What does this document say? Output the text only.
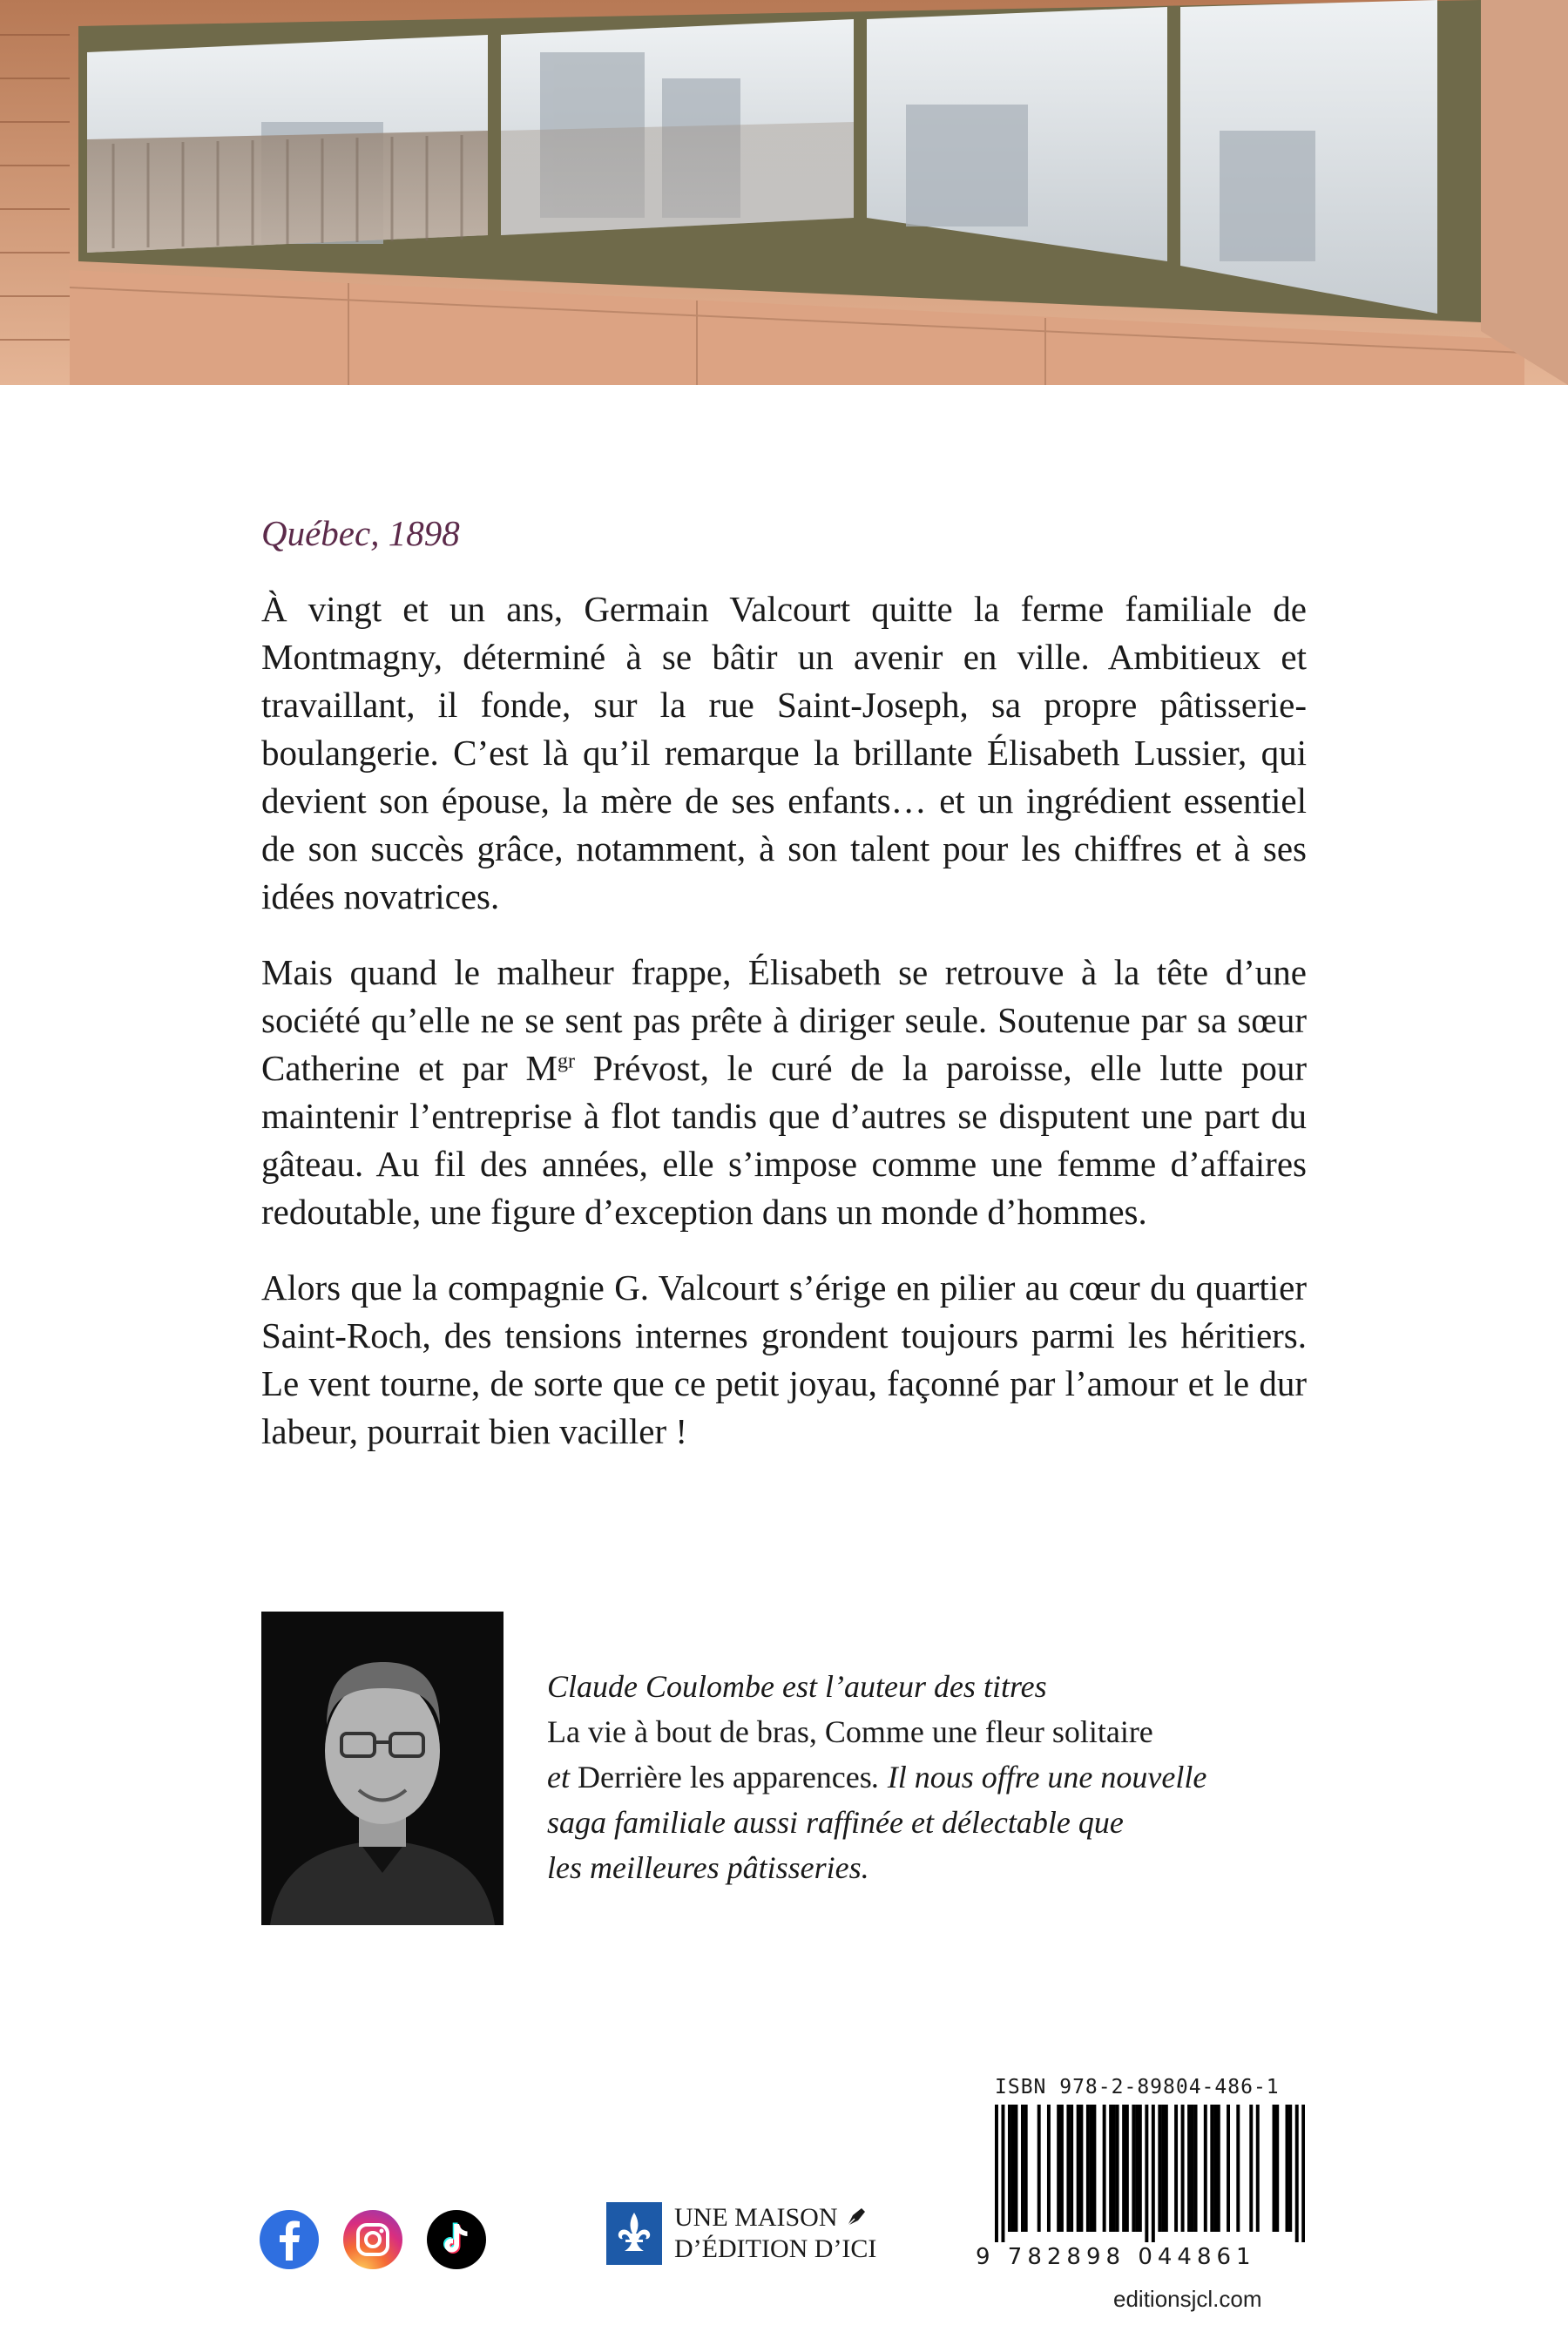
Québec, 1898

À vingt et un ans, Germain Valcourt quitte la ferme familiale de Montmagny, déterminé à se bâtir un avenir en ville. Ambitieux et travaillant, il fonde, sur la rue Saint-Joseph, sa propre pâtisserie-boulangerie. C’est là qu’il remarque la brillante Élisabeth Lussier, qui devient son épouse, la mère de ses enfants… et un ingrédient essentiel de son succès grâce, notamment, à son talent pour les chiffres et à ses idées novatrices.

Mais quand le malheur frappe, Élisabeth se retrouve à la tête d’une société qu’elle ne se sent pas prête à diriger seule. Soutenue par sa sœur Catherine et par $M^{gr}$ Prévost, le curé de la paroisse, elle lutte pour maintenir l’entreprise à flot tandis que d’autres se disputent une part du gâteau. Au fil des années, elle s’impose comme une femme d’affaires redoutable, une figure d’exception dans un monde d’hommes.

Alors que la compagnie G. Valcourt s’érige en pilier au cœur du quartier Saint-Roch, des tensions internes grondent toujours parmi les héritiers. Le vent tourne, de sorte que ce petit joyau, façonné par l’amour et le dur labeur, pourrait bien vaciller !

Claude Coulombe est l’auteur des titres
La vie à bout de bras, Comme une fleur solitaire
et Derrière les apparences. Il nous offre une nouvelle
saga familiale aussi raffinée et délectable que
les meilleures pâtisseries.
UNE MAISON
D’ÉDITION D’ICI
ISBN 978-2-89804-486-1
9 782898 044861
editionsjcl.com
